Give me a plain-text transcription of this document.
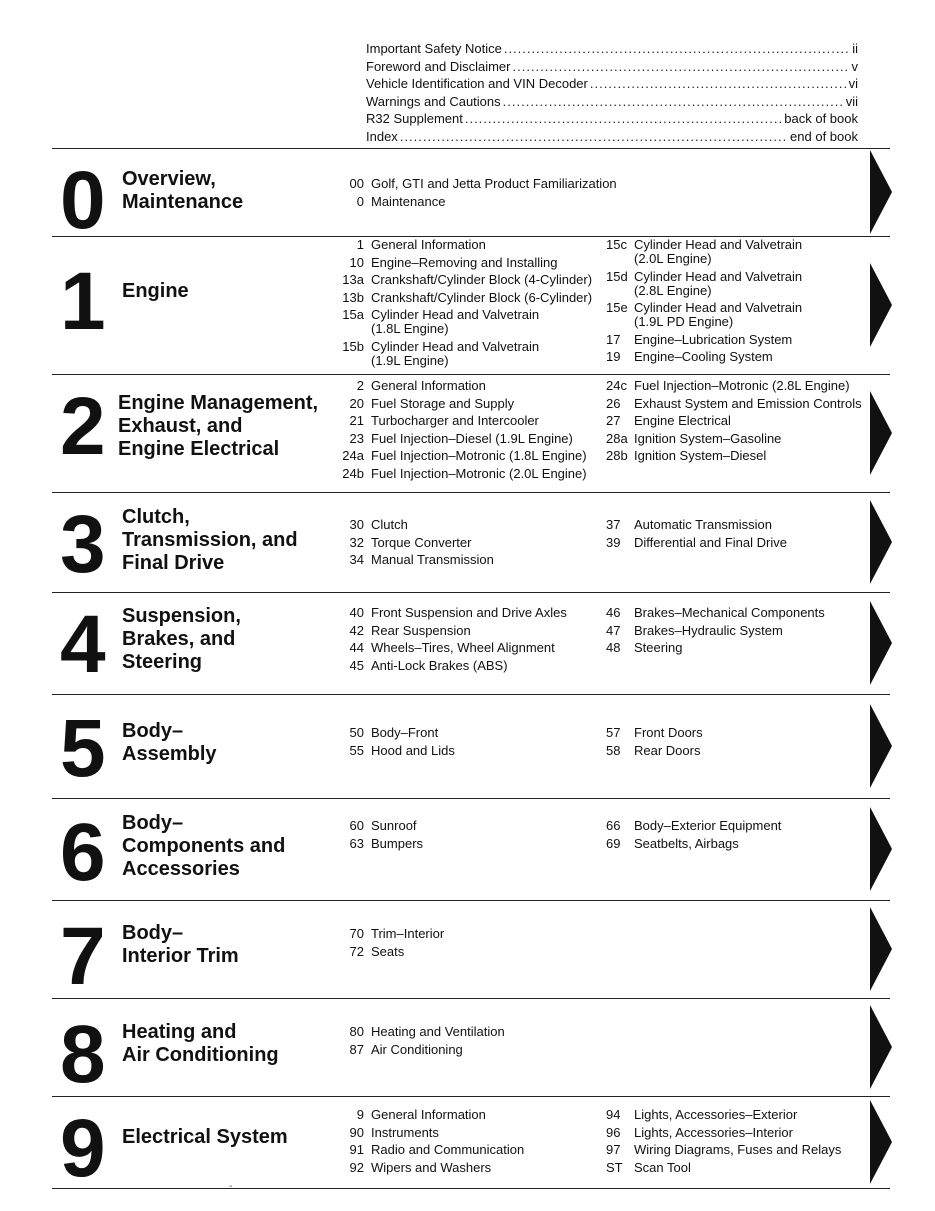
Important Safety Notice .....	ii
Foreword and Disclaimer .....	v
Vehicle Identification and VIN Decoder .....	vi
Warnings and Cautions .....	vii
R32 Supplement .....	back of book
Index .....	end of book
0 Overview,
Maintenance
00 Golf, GTI and Jetta Product Familiarization
0 Maintenance
1 Engine
1 General Information
10 Engine–Removing and Installing
13a Crankshaft/Cylinder Block (4-Cylinder)
13b Crankshaft/Cylinder Block (6-Cylinder)
15a Cylinder Head and Valvetrain
(1.8L Engine)
15b Cylinder Head and Valvetrain
(1.9L Engine)
15c Cylinder Head and Valvetrain
(2.0L Engine)
15d Cylinder Head and Valvetrain
(2.8L Engine)
15e Cylinder Head and Valvetrain
(1.9L PD Engine)
17	Engine–Lubrication System
19	Engine–Cooling System
2 Engine Management,
Exhaust, and
Engine Electrical
2 General Information
20 Fuel Storage and Supply
21 Turbocharger and Intercooler
23 Fuel Injection–Diesel (1.9L Engine)
24a Fuel Injection–Motronic (1.8L Engine)
24b Fuel Injection–Motronic (2.0L Engine)
24c Fuel Injection–Motronic (2.8L Engine)
26	Exhaust System and Emission Controls
27	Engine Electrical
28a Ignition System–Gasoline
28b Ignition System–Diesel
3 Clutch,
Transmission, and
Final Drive
30 Clutch
32 Torque Converter
34 Manual Transmission
37	Automatic Transmission
39	Differential and Final Drive
4 Suspension,
Brakes, and
Steering
40 Front Suspension and Drive Axles
42 Rear Suspension
44 Wheels–Tires, Wheel Alignment
45 Anti-Lock Brakes (ABS)
46	Brakes–Mechanical Components
47	Brakes–Hydraulic System
48	Steering
5 Body–
Assembly
50 Body–Front
55 Hood and Lids
57	Front Doors
58	Rear Doors
6 Body–
Components and
Accessories
60 Sunroof
63 Bumpers
66	Body–Exterior Equipment
69	Seatbelts, Airbags
7 Body–
Interior Trim
70 Trim–Interior
72 Seats
8 Heating and
Air Conditioning
80 Heating and Ventilation
87 Air Conditioning
9 Electrical System
9 General Information
90 Instruments
91 Radio and Communication
92 Wipers and Washers
94	Lights, Accessories–Exterior
96	Lights, Accessories–Interior
97	Wiring Diagrams, Fuses and Relays
ST Scan Tool
-
